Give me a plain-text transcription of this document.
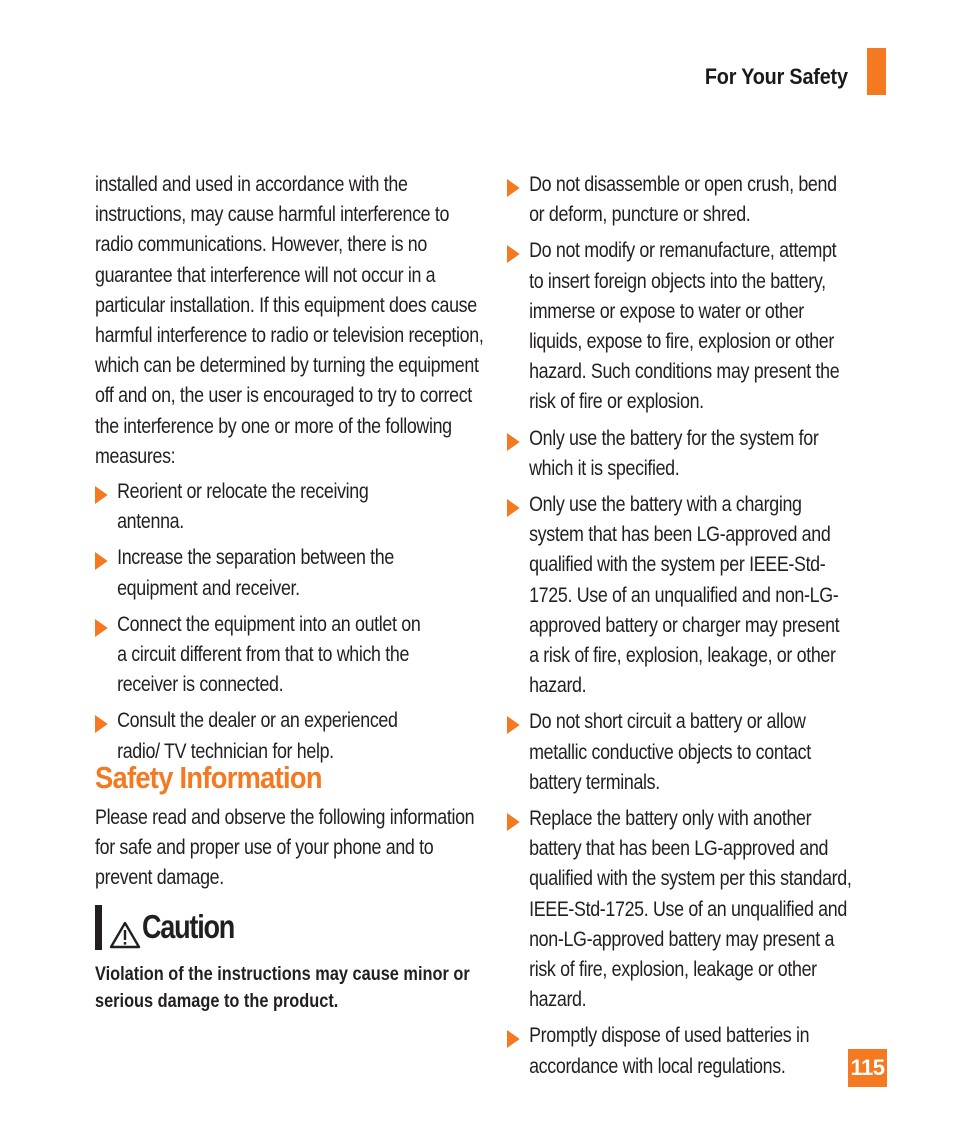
For Your Safety

installed and used in accordance with the instructions, may cause harmful interference to radio communications. However, there is no guarantee that interference will not occur in a particular installation. If this equipment does cause harmful interference to radio or television reception, which can be determined by turning the equipment off and on, the user is encouraged to try to correct the interference by one or more of the following measures:

Reorient or relocate the receiving antenna.
Increase the separation between the equipment and receiver.
Connect the equipment into an outlet on a circuit different from that to which the receiver is connected.
Consult the dealer or an experienced radio/ TV technician for help.
Safety Information
Please read and observe the following information for safe and proper use of your phone and to prevent damage.
Caution
Violation of the instructions may cause minor or serious damage to the product.
Do not disassemble or open crush, bend or deform, puncture or shred.
Do not modify or remanufacture, attempt to insert foreign objects into the battery, immerse or expose to water or other liquids, expose to fire, explosion or other hazard. Such conditions may present the risk of fire or explosion.
Only use the battery for the system for which it is specified.
Only use the battery with a charging system that has been LG-approved and qualified with the system per IEEE-Std-1725. Use of an unqualified and non-LG-approved battery or charger may present a risk of fire, explosion, leakage, or other hazard.
Do not short circuit a battery or allow metallic conductive objects to contact battery terminals.
Replace the battery only with another battery that has been LG-approved and qualified with the system per this standard, IEEE-Std-1725. Use of an unqualified and non-LG-approved battery may present a risk of fire, explosion, leakage or other hazard.
Promptly dispose of used batteries in accordance with local regulations.	115
